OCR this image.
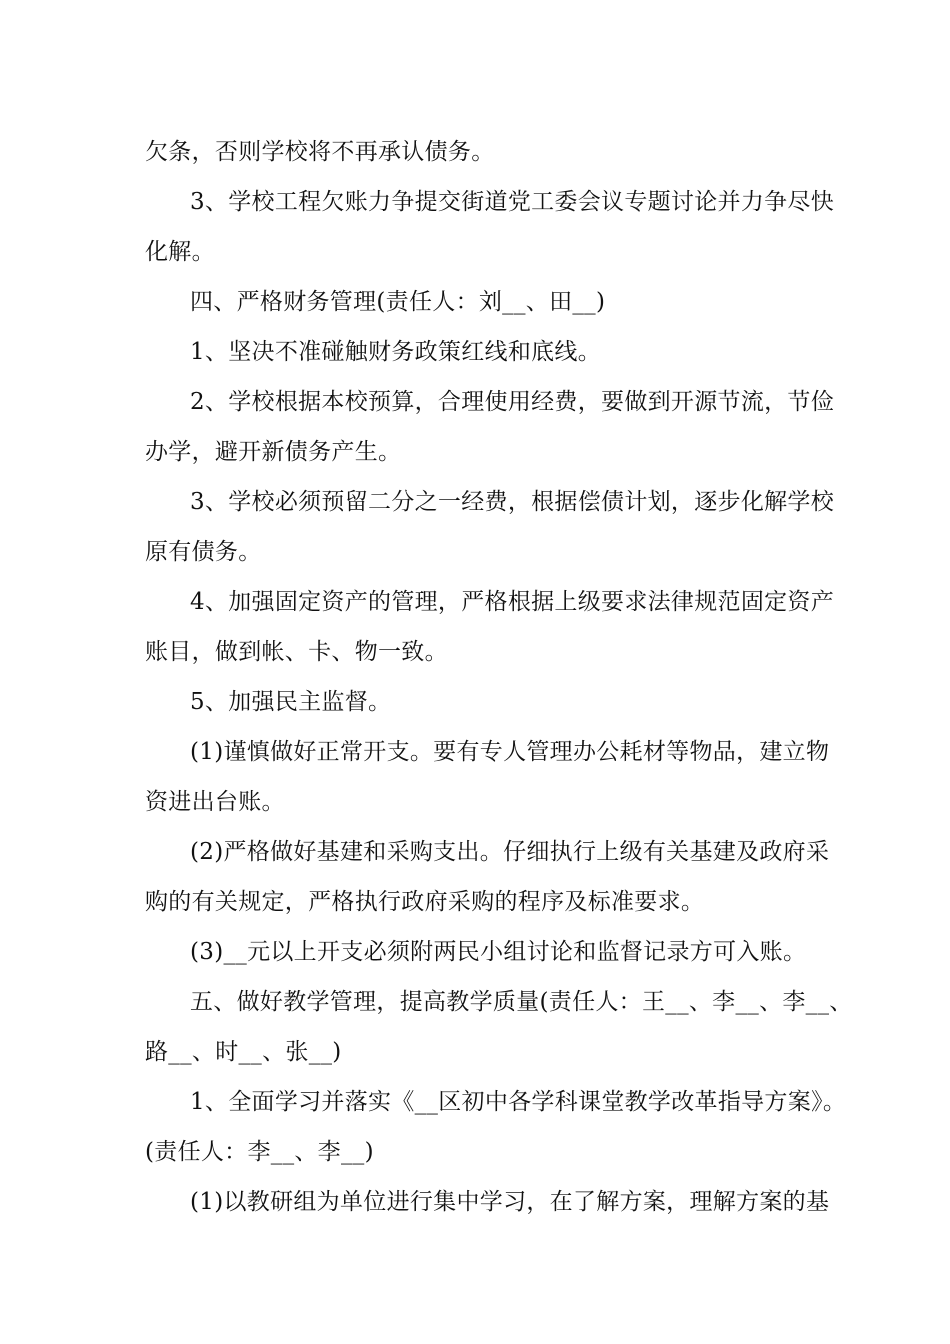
欠条，否则学校将不再承认债务。
3、学校工程欠账力争提交街道党工委会议专题讨论并力争尽快
化解。
四、严格财务管理(责任人：刘__、田__)
1、坚决不准碰触财务政策红线和底线。
2、学校根据本校预算，合理使用经费，要做到开源节流，节俭
办学，避开新债务产生。
3、学校必须预留二分之一经费，根据偿债计划，逐步化解学校
原有债务。
4、加强固定资产的管理，严格根据上级要求法律规范固定资产
账目，做到帐、卡、物一致。
5、加强民主监督。
(1)谨慎做好正常开支。要有专人管理办公耗材等物品，建立物
资进出台账。
(2)严格做好基建和采购支出。仔细执行上级有关基建及政府采
购的有关规定，严格执行政府采购的程序及标准要求。
(3)__元以上开支必须附两民小组讨论和监督记录方可入账。
五、做好教学管理，提高教学质量(责任人：王__、李__、李__、
路__、时__、张__)
1、全面学习并落实《__区初中各学科课堂教学改革指导方案》。
(责任人：李__、李__)
(1)以教研组为单位进行集中学习，在了解方案，理解方案的基
